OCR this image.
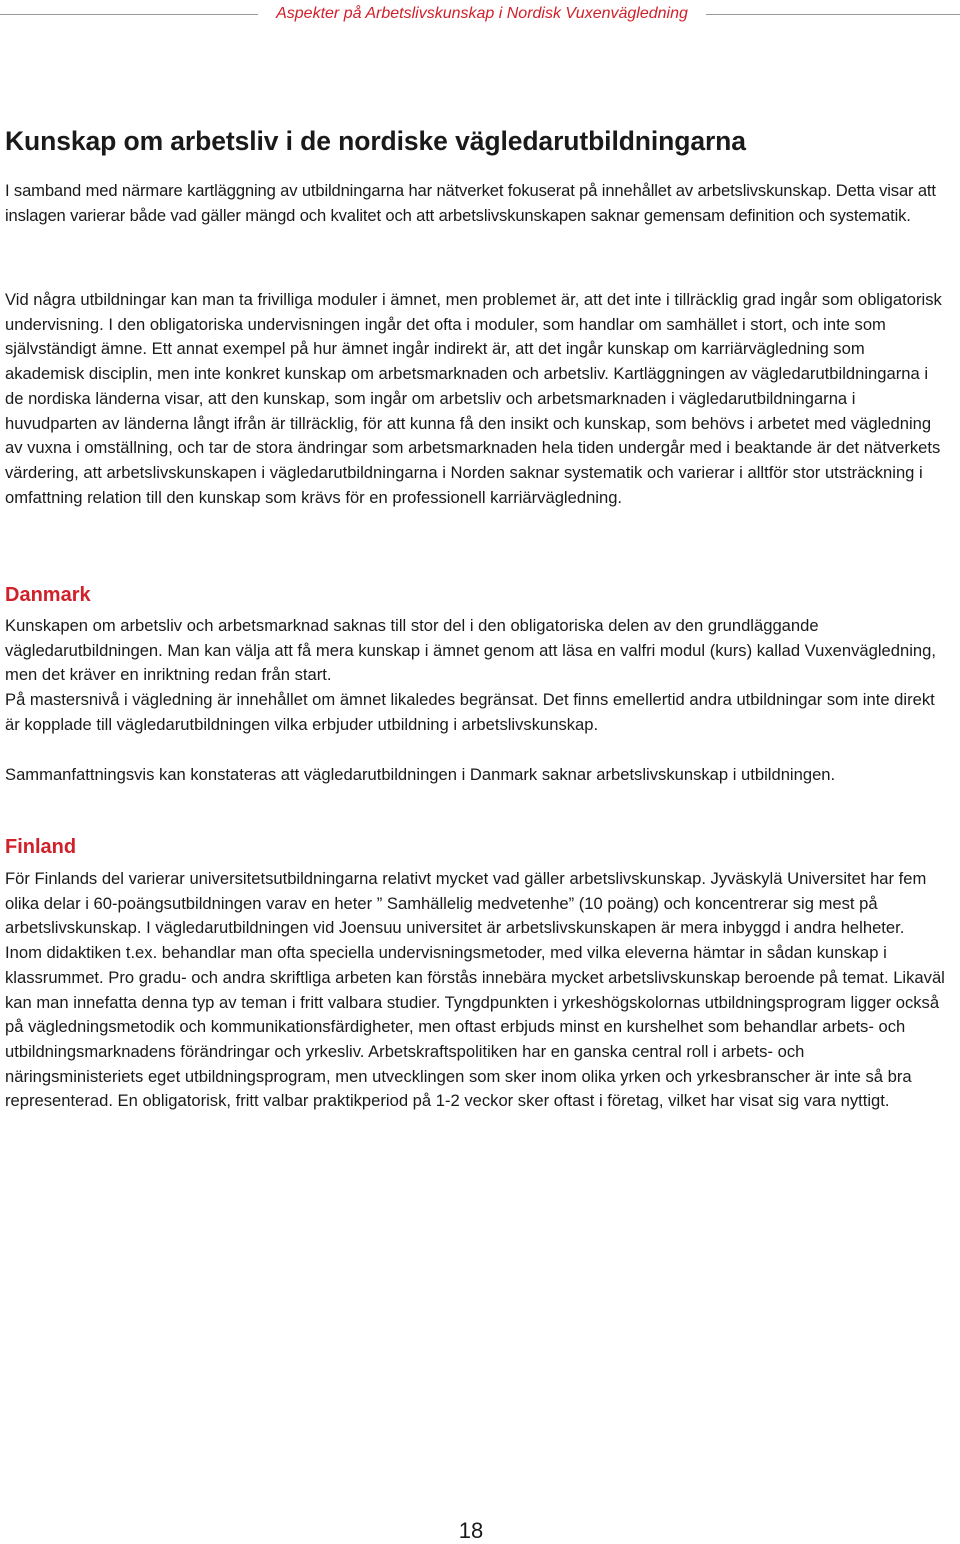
Aspekter på Arbetslivskunskap i Nordisk Vuxenvägledning
Kunskap om arbetsliv i de nordiske vägledarutbildningarna

I samband med närmare kartläggning av utbildningarna har nätverket fokuserat på innehållet av arbetslivskunskap. Detta visar att inslagen varierar både vad gäller mängd och kvalitet och att arbetslivskunskapen saknar gemensam definition och systematik.

Vid några utbildningar kan man ta frivilliga moduler i ämnet, men problemet är, att det inte i tillräcklig grad ingår som obligatorisk undervisning. I den obligatoriska undervisningen ingår det ofta i moduler, som handlar om samhället i stort, och inte som självständigt ämne. Ett annat exempel på hur ämnet ingår indirekt är, att det ingår kunskap om karriärvägledning som akademisk disciplin, men inte konkret kunskap om arbetsmarknaden och arbetsliv. Kartläggningen av vägledarutbildningarna i de nordiska länderna visar, att den kunskap, som ingår om arbetsliv och arbetsmarknaden i vägledarutbildningarna i huvudparten av länderna långt ifrån är tillräcklig, för att kunna få den insikt och kunskap, som behövs i arbetet med vägledning av vuxna i omställning, och tar de stora ändringar som arbetsmarknaden hela tiden undergår med i beaktande är det nätverkets värdering, att arbetslivskunskapen i vägledarutbildningarna i Norden saknar systematik och varierar i alltför stor utsträckning i omfattning relation till den kunskap som krävs för en professionell karriärvägledning.

Danmark

Kunskapen om arbetsliv och arbetsmarknad saknas till stor del i den obligatoriska delen av den grundläggande vägledarutbildningen. Man kan välja att få mera kunskap i ämnet genom att läsa en valfri modul (kurs) kallad Vuxenvägledning, men det kräver en inriktning redan från start.

På mastersnivå i vägledning är innehållet om ämnet likaledes begränsat. Det finns emellertid andra utbildningar som inte direkt är kopplade till vägledarutbildningen vilka erbjuder utbildning i arbetslivskunskap.

Sammanfattningsvis kan konstateras att vägledarutbildningen i Danmark saknar arbetslivskunskap i utbildningen.

Finland

För Finlands del varierar universitetsutbildningarna relativt mycket vad gäller arbetslivskunskap. Jyväskylä Universitet har fem olika delar i 60-poängsutbildningen varav en heter ” Samhällelig medvetenhe” (10 poäng) och koncentrerar sig mest på arbetslivskunskap. I vägledarutbildningen vid Joensuu universitet är arbetslivskunskapen är mera inbyggd i andra helheter. Inom didaktiken t.ex. behandlar man ofta speciella undervisningsmetoder, med vilka eleverna hämtar in sådan kunskap i klassrummet. Pro gradu- och andra skriftliga arbeten kan förstås innebära mycket arbetslivskunskap beroende på temat. Likaväl kan man innefatta denna typ av teman i fritt valbara studier. Tyngdpunkten i yrkeshögskolornas utbildningsprogram ligger också på vägledningsmetodik och kommunikationsfärdigheter, men oftast erbjuds minst en kurshelhet som behandlar arbets- och utbildningsmarknadens förändringar och yrkesliv. Arbetskraftspolitiken har en ganska central roll i arbets- och näringsministeriets eget utbildningsprogram, men utvecklingen som sker inom olika yrken och yrkesbranscher är inte så bra representerad. En obligatorisk, fritt valbar praktikperiod på 1-2 veckor sker oftast i företag, vilket har visat sig vara nyttigt.

18
